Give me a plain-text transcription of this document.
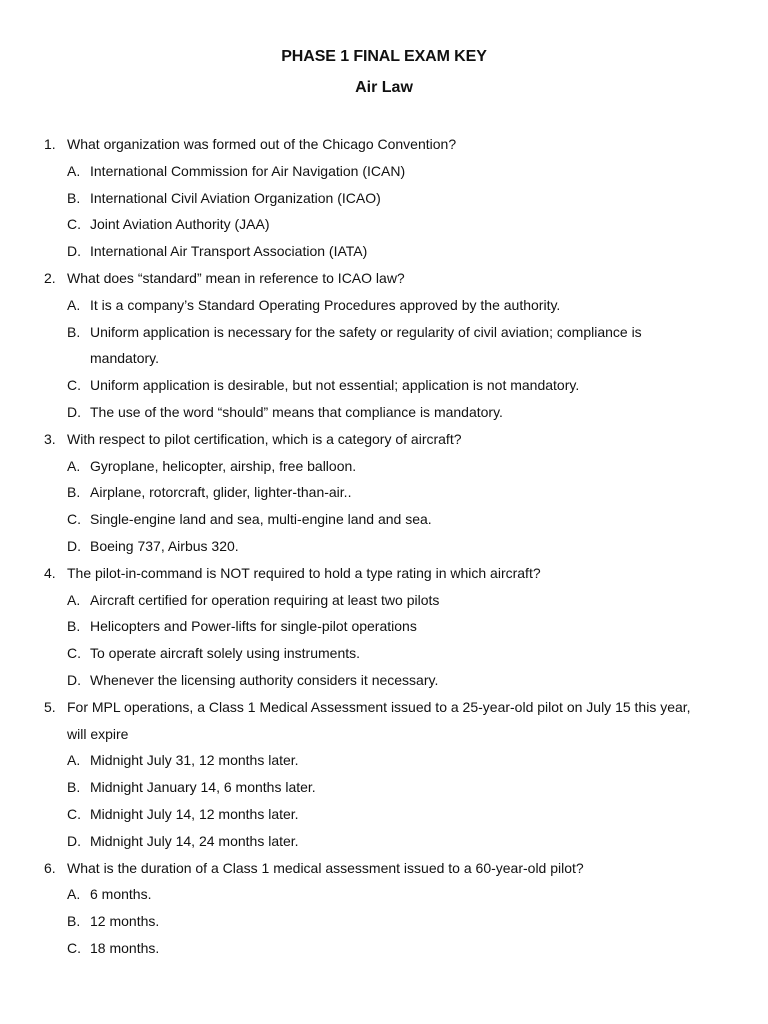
PHASE 1 FINAL EXAM KEY
Air Law
1. What organization was formed out of the Chicago Convention?
A. International Commission for Air Navigation (ICAN)
B. International Civil Aviation Organization (ICAO)
C. Joint Aviation Authority (JAA)
D. International Air Transport Association (IATA)
2. What does “standard” mean in reference to ICAO law?
A. It is a company’s Standard Operating Procedures approved by the authority.
B. Uniform application is necessary for the safety or regularity of civil aviation; compliance is mandatory.
C. Uniform application is desirable, but not essential; application is not mandatory.
D. The use of the word “should” means that compliance is mandatory.
3. With respect to pilot certification, which is a category of aircraft?
A. Gyroplane, helicopter, airship, free balloon.
B. Airplane, rotorcraft, glider, lighter-than-air..
C. Single-engine land and sea, multi-engine land and sea.
D. Boeing 737, Airbus 320.
4. The pilot-in-command is NOT required to hold a type rating in which aircraft?
A. Aircraft certified for operation requiring at least two pilots
B. Helicopters and Power-lifts for single-pilot operations
C. To operate aircraft solely using instruments.
D. Whenever the licensing authority considers it necessary.
5. For MPL operations, a Class 1 Medical Assessment issued to a 25-year-old pilot on July 15 this year, will expire
A. Midnight July 31, 12 months later.
B. Midnight January 14, 6 months later.
C. Midnight July 14, 12 months later.
D. Midnight July 14, 24 months later.
6. What is the duration of a Class 1 medical assessment issued to a 60-year-old pilot?
A. 6 months.
B. 12 months.
C. 18 months.
